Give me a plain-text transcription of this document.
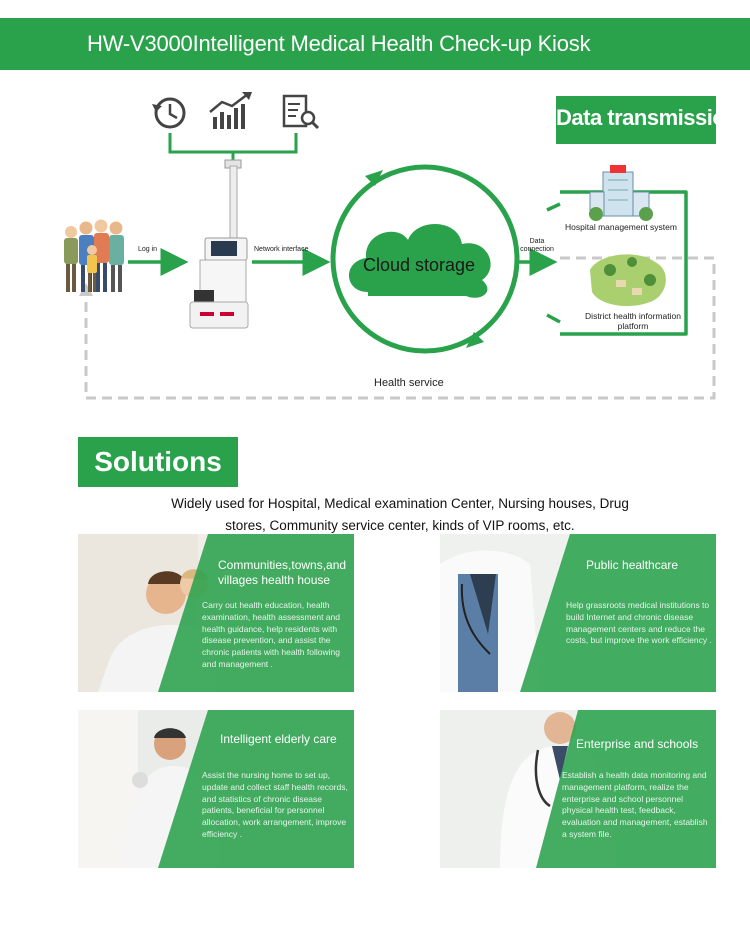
HW-V3000Intelligent Medical Health Check-up Kiosk
Log in	Network interface
Data connection
Cloud storage
Health service
Hospital management system
District health information platform
Data transmission
Solutions
Widely used for Hospital, Medical examination Center, Nursing houses, Drug stores, Community service center, kinds of VIP rooms, etc.
Communities,towns,and villages health house
Carry out health education, health examination, health assessment and health guidance, help residents with disease prevention, and assist the chronic patients with health following and management .
Public healthcare
Help grassroots medical institutions to build Internet and chronic disease management centers and reduce the costs, but improve the work efficiency .
Intelligent elderly care
Assist the nursing home to set up, update and collect staff health records, and statistics of chronic disease patients, beneficial for personnel allocation, work arrangement, improve efficiency .
Enterprise and schools
Establish a health data monitoring and management platform, realize the enterprise and school personnel physical health test, feedback, evaluation and management, establish a system file.
